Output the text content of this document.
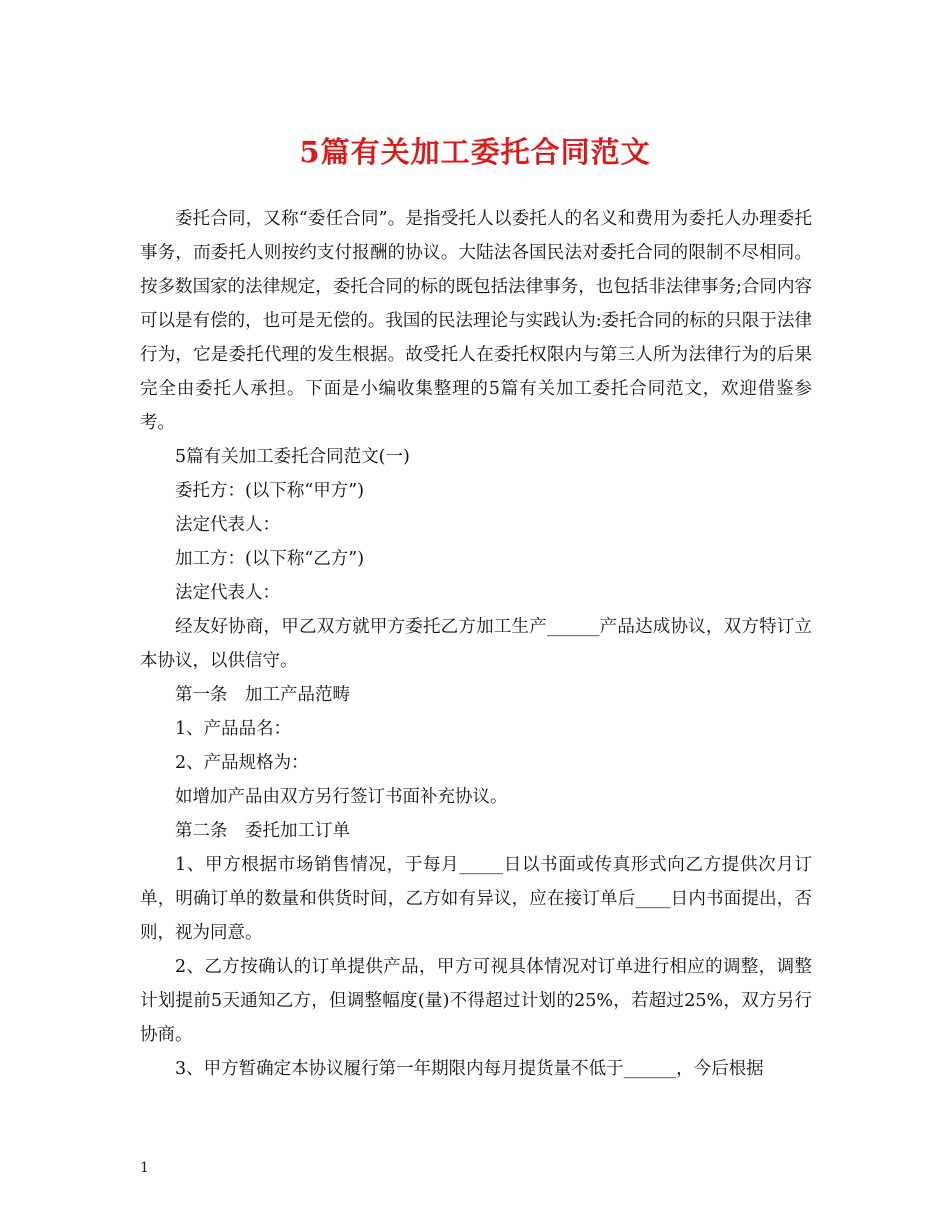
5篇有关加工委托合同范文

委托合同，又称“委任合同”。是指受托人以委托人的名义和费用为委托人办理委托事务，而委托人则按约支付报酬的协议。大陆法各国民法对委托合同的限制不尽相同。按多数国家的法律规定，委托合同的标的既包括法律事务，也包括非法律事务;合同内容可以是有偿的，也可是无偿的。我国的民法理论与实践认为:委托合同的标的只限于法律行为，它是委托代理的发生根据。故受托人在委托权限内与第三人所为法律行为的后果完全由委托人承担。下面是小编收集整理的5篇有关加工委托合同范文，欢迎借鉴参考。

5篇有关加工委托合同范文(一)

委托方：(以下称“甲方”)

法定代表人：

加工方：(以下称“乙方”)

法定代表人：

经友好协商，甲乙双方就甲方委托乙方加工生产______产品达成协议，双方特订立本协议，以供信守。

第一条　加工产品范畴

1、产品品名：

2、产品规格为：

如增加产品由双方另行签订书面补充协议。

第二条　委托加工订单

1、甲方根据市场销售情况，于每月_____日以书面或传真形式向乙方提供次月订单，明确订单的数量和供货时间，乙方如有异议，应在接订单后____日内书面提出，否则，视为同意。

2、乙方按确认的订单提供产品，甲方可视具体情况对订单进行相应的调整，调整计划提前5天通知乙方，但调整幅度(量)不得超过计划的25%，若超过25%，双方另行协商。

3、甲方暂确定本协议履行第一年期限内每月提货量不低于______，今后根据

1
